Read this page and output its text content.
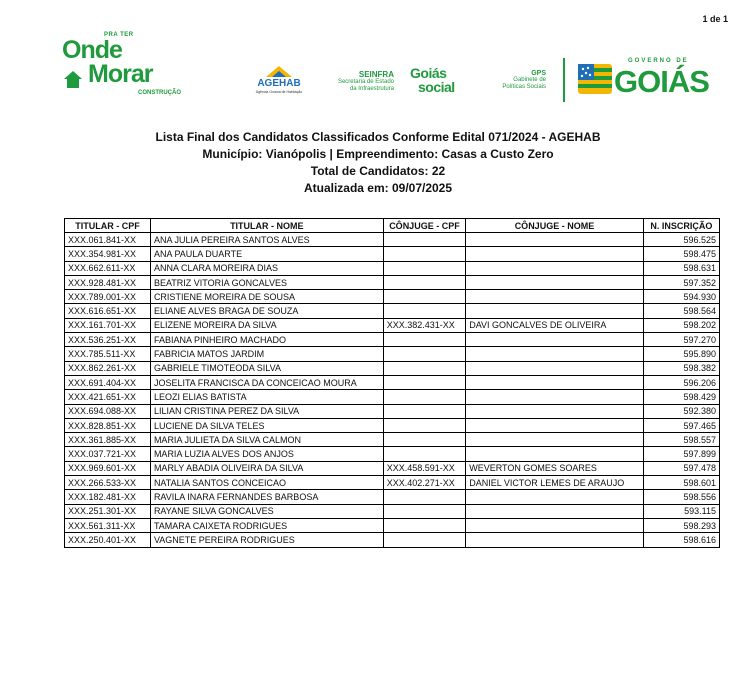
1 de 1
PRA TER
Onde
Morar
CONSTRUÇÃO
AGEHAB
Agência Goiana de Habitação
SEINFRA
Secretaria de Estado
da Infraestrutura
Goiás
social
GPS
Gabinete de
Políticas Sociais
GOVERNO DE
GOIÁS
Lista Final dos Candidatos Classificados Conforme Edital 071/2024 - AGEHAB
Município: Vianópolis | Empreendimento: Casas a Custo Zero
Total de Candidatos: 22
Atualizada em: 09/07/2025
TITULAR - CPF	TITULAR - NOME	CÔNJUGE - CPF	CÔNJUGE - NOME	N. INSCRIÇÃO
XXX.061.841-XX	ANA JULIA PEREIRA SANTOS ALVES			596.525
XXX.354.981-XX	ANA PAULA DUARTE			598.475
XXX.662.611-XX	ANNA CLARA MOREIRA DIAS			598.631
XXX.928.481-XX	BEATRIZ VITORIA GONCALVES			597.352
XXX.789.001-XX	CRISTIENE MOREIRA DE SOUSA			594.930
XXX.616.651-XX	ELIANE ALVES BRAGA DE SOUZA			598.564
XXX.161.701-XX	ELIZENE MOREIRA DA SILVA	XXX.382.431-XX	DAVI GONCALVES DE OLIVEIRA	598.202
XXX.536.251-XX	FABIANA PINHEIRO MACHADO			597.270
XXX.785.511-XX	FABRICIA MATOS JARDIM			595.890
XXX.862.261-XX	GABRIELE TIMOTEODA SILVA			598.382
XXX.691.404-XX	JOSELITA FRANCISCA DA CONCEICAO MOURA			596.206
XXX.421.651-XX	LEOZI ELIAS BATISTA			598.429
XXX.694.088-XX	LILIAN CRISTINA PEREZ DA SILVA			592.380
XXX.828.851-XX	LUCIENE DA SILVA TELES			597.465
XXX.361.885-XX	MARIA JULIETA DA SILVA CALMON			598.557
XXX.037.721-XX	MARIA LUZIA ALVES DOS ANJOS			597.899
XXX.969.601-XX	MARLY ABADIA OLIVEIRA DA SILVA	XXX.458.591-XX	WEVERTON GOMES SOARES	597.478
XXX.266.533-XX	NATALIA SANTOS CONCEICAO	XXX.402.271-XX	DANIEL VICTOR LEMES DE ARAUJO	598.601
XXX.182.481-XX	RAVILA INARA FERNANDES BARBOSA			598.556
XXX.251.301-XX	RAYANE SILVA GONCALVES			593.115
XXX.561.311-XX	TAMARA CAIXETA RODRIGUES			598.293
XXX.250.401-XX	VAGNETE PEREIRA RODRIGUES			598.616
